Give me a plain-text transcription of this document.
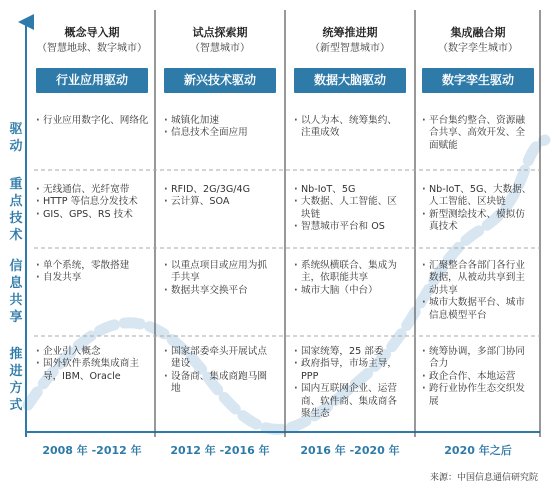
驱
动
重
点
技
术
信
息
共
享
推
进
方
式
概念导入期
（智慧地球、数字城市）
行业应用驱动
试点探索期
（智慧城市）
新兴技术驱动
统筹推进期
（新型智慧城市）
数据大脑驱动
集成融合期
（数字孪生城市）
数字孪生驱动
· 行业应用数字化、网络化
·	城镇化加速
· 信息技术全面应用
· 以人为本、统筹集约、注重成效
· 平台集约整合、资源融合共享、高效开发、全面赋能
· 无线通信、光纤宽带
· HTTP 等信息分发技术
· GIS、GPS、RS 技术
· RFID、2G/3G/4G
· 云计算、SOA
· Nb-IoT、5G
· 大数据、人工智能、区块链
· 智慧城市平台和 OS
· Nb-IoT、5G、大数据、人工智能、区块链
· 新型测绘技术、模拟仿真技术
· 单个系统，零散搭建
· 自发共享
· 以重点项目或应用为抓手共享
· 数据共享交换平台
· 系统纵横联合、集成为主，依职能共享
· 城市大脑（中台）
· 汇聚整合各部门各行业数据，从被动共享到主动共享
· 城市大数据平台、城市信息模型平台
· 企业引入概念
· 国外软件系统集成商主导，IBM、Oracle
· 国家部委牵头开展试点建设
· 设备商、集成商跑马圈地
· 国家统筹，25 部委
· 政府指导，市场主导，PPP
· 国内互联网企业、运营商、软件商、集成商各聚生态
· 统筹协调，多部门协同合力
· 政企合作、本地运营
· 跨行业协作生态交织发展
2008 年 -2012 年	2012 年 -2016 年	2016 年 -2020 年	2020 年之后
来源：中国信息通信研究院
